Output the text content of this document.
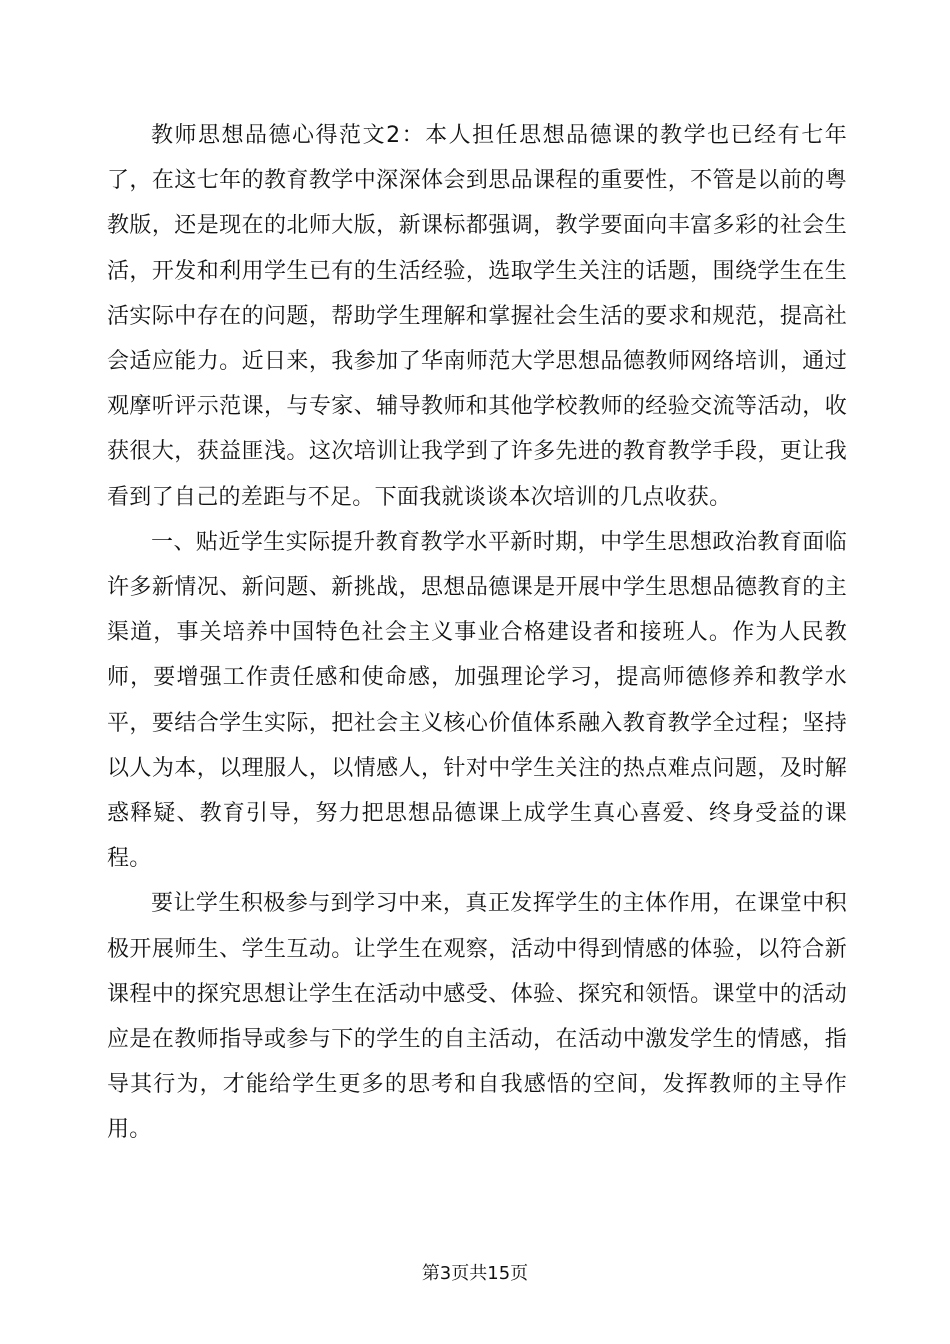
教师思想品德心得范文2：本人担任思想品德课的教学也已经有七年了，在这七年的教育教学中深深体会到思品课程的重要性，不管是以前的粤教版，还是现在的北师大版，新课标都强调，教学要面向丰富多彩的社会生活，开发和利用学生已有的生活经验，选取学生关注的话题，围绕学生在生活实际中存在的问题，帮助学生理解和掌握社会生活的要求和规范，提高社会适应能力。近日来，我参加了华南师范大学思想品德教师网络培训，通过观摩听评示范课，与专家、辅导教师和其他学校教师的经验交流等活动，收获很大，获益匪浅。这次培训让我学到了许多先进的教育教学手段，更让我看到了自己的差距与不足。下面我就谈谈本次培训的几点收获。

一、贴近学生实际提升教育教学水平新时期，中学生思想政治教育面临许多新情况、新问题、新挑战，思想品德课是开展中学生思想品德教育的主渠道，事关培养中国特色社会主义事业合格建设者和接班人。作为人民教师，要增强工作责任感和使命感，加强理论学习，提高师德修养和教学水平，要结合学生实际，把社会主义核心价值体系融入教育教学全过程；坚持以人为本，以理服人，以情感人，针对中学生关注的热点难点问题，及时解惑释疑、教育引导，努力把思想品德课上成学生真心喜爱、终身受益的课程。

要让学生积极参与到学习中来，真正发挥学生的主体作用，在课堂中积极开展师生、学生互动。让学生在观察，活动中得到情感的体验，以符合新课程中的探究思想让学生在活动中感受、体验、探究和领悟。课堂中的活动应是在教师指导或参与下的学生的自主活动，在活动中激发学生的情感，指导其行为，才能给学生更多的思考和自我感悟的空间，发挥教师的主导作用。

第3页共15页
